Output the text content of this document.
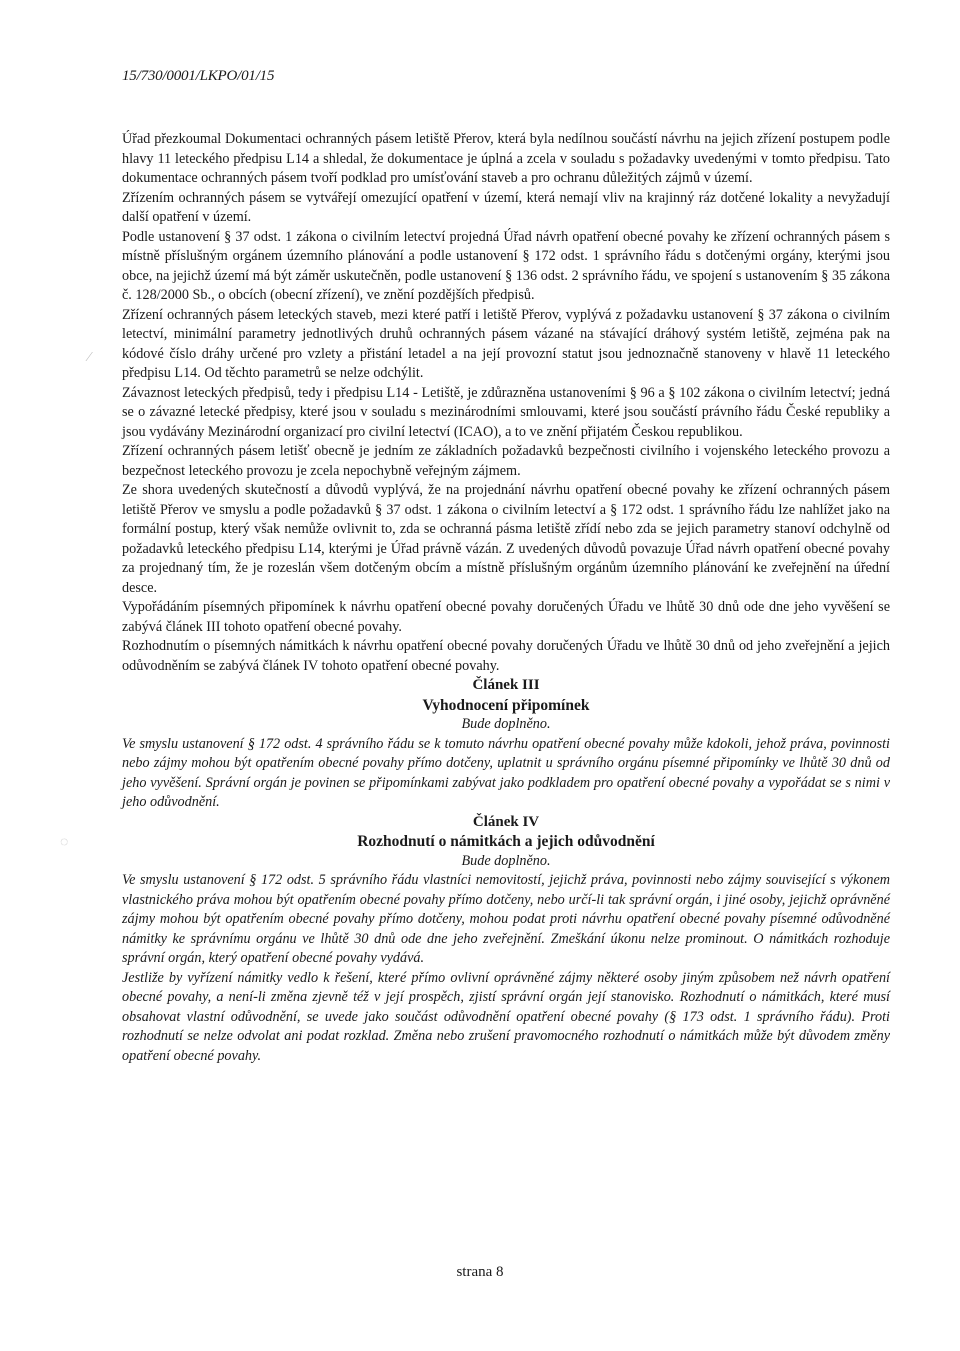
15/730/0001/LKPO/01/15

Úřad přezkoumal Dokumentaci ochranných pásem letiště Přerov, která byla nedílnou součástí návrhu na jejich zřízení postupem podle hlavy 11 leteckého předpisu L14 a shledal, že dokumentace je úplná a zcela v souladu s požadavky uvedenými v tomto předpisu. Tato dokumentace ochranných pásem tvoří podklad pro umísťování staveb a pro ochranu důležitých zájmů v území.

Zřízením ochranných pásem se vytvářejí omezující opatření v území, která nemají vliv na krajinný ráz dotčené lokality a nevyžadují další opatření v území.

Podle ustanovení § 37 odst. 1 zákona o civilním letectví projedná Úřad návrh opatření obecné povahy ke zřízení ochranných pásem s místně příslušným orgánem územního plánování a podle ustanovení § 172 odst. 1 správního řádu s dotčenými orgány, kterými jsou obce, na jejichž území má být záměr uskutečněn, podle ustanovení § 136 odst. 2 správního řádu, ve spojení s ustanovením § 35 zákona č. 128/2000 Sb., o obcích (obecní zřízení), ve znění pozdějších předpisů.

Zřízení ochranných pásem leteckých staveb, mezi které patří i letiště Přerov, vyplývá z požadavku ustanovení § 37 zákona o civilním letectví, minimální parametry jednotlivých druhů ochranných pásem vázané na stávající dráhový systém letiště, zejména pak na kódové číslo dráhy určené pro vzlety a přistání letadel a na její provozní statut jsou jednoznačně stanoveny v hlavě 11 leteckého předpisu L14. Od těchto parametrů se nelze odchýlit.

Závaznost leteckých předpisů, tedy i předpisu L14 - Letiště, je zdůrazněna ustanoveními § 96 a § 102 zákona o civilním letectví; jedná se o závazné letecké předpisy, které jsou v souladu s mezinárodními smlouvami, které jsou součástí právního řádu České republiky a jsou vydávány Mezinárodní organizací pro civilní letectví (ICAO), a to ve znění přijatém Českou republikou.

Zřízení ochranných pásem letišť obecně je jedním ze základních požadavků bezpečnosti civilního i vojenského leteckého provozu a bezpečnost leteckého provozu je zcela nepochybně veřejným zájmem.

Ze shora uvedených skutečností a důvodů vyplývá, že na projednání návrhu opatření obecné povahy ke zřízení ochranných pásem letiště Přerov ve smyslu a podle požadavků § 37 odst. 1 zákona o civilním letectví a § 172 odst. 1 správního řádu lze nahlížet jako na formální postup, který však nemůže ovlivnit to, zda se ochranná pásma letiště zřídí nebo zda se jejich parametry stanoví odchylně od požadavků leteckého předpisu L14, kterými je Úřad právně vázán. Z uvedených důvodů povazuje Úřad návrh opatření obecné povahy za projednaný tím, že je rozeslán všem dotčeným obcím a místně příslušným orgánům územního plánování ke zveřejnění na úřední desce.

Vypořádáním písemných připomínek k návrhu opatření obecné povahy doručených Úřadu ve lhůtě 30 dnů ode dne jeho vyvěšení se zabývá článek III tohoto opatření obecné povahy.

Rozhodnutím o písemných námitkách k návrhu opatření obecné povahy doručených Úřadu ve lhůtě 30 dnů od jeho zveřejnění a jejich odůvodněním se zabývá článek IV tohoto opatření obecné povahy.

Článek III

Vyhodnocení připomínek

Bude doplněno.

Ve smyslu ustanovení § 172 odst. 4 správního řádu se k tomuto návrhu opatření obecné povahy může kdokoli, jehož práva, povinnosti nebo zájmy mohou být opatřením obecné povahy přímo dotčeny, uplatnit u správního orgánu písemné připomínky ve lhůtě 30 dnů od jeho vyvěšení. Správní orgán je povinen se připomínkami zabývat jako podkladem pro opatření obecné povahy a vypořádat se s nimi v jeho odůvodnění.

Článek IV

Rozhodnutí o námitkách a jejich odůvodnění

Bude doplněno.

Ve smyslu ustanovení § 172 odst. 5 správního řádu vlastníci nemovitostí, jejichž práva, povinnosti nebo zájmy související s výkonem vlastnického práva mohou být opatřením obecné povahy přímo dotčeny, nebo určí-li tak správní orgán, i jiné osoby, jejichž oprávněné zájmy mohou být opatřením obecné povahy přímo dotčeny, mohou podat proti návrhu opatření obecné povahy písemné odůvodněné námitky ke správnímu orgánu ve lhůtě 30 dnů ode dne jeho zveřejnění. Zmeškání úkonu nelze prominout. O námitkách rozhoduje správní orgán, který opatření obecné povahy vydává.

Jestliže by vyřízení námitky vedlo k řešení, které přímo ovlivní oprávněné zájmy některé osoby jiným způsobem než návrh opatření obecné povahy, a není-li změna zjevně též v její prospěch, zjistí správní orgán její stanovisko. Rozhodnutí o námitkách, které musí obsahovat vlastní odůvodnění, se uvede jako součást odůvodnění opatření obecné povahy (§ 173 odst. 1 správního řádu). Proti rozhodnutí se nelze odvolat ani podat rozklad. Změna nebo zrušení pravomocného rozhodnutí o námitkách může být důvodem změny opatření obecné povahy.

strana 8
◌
⁄
